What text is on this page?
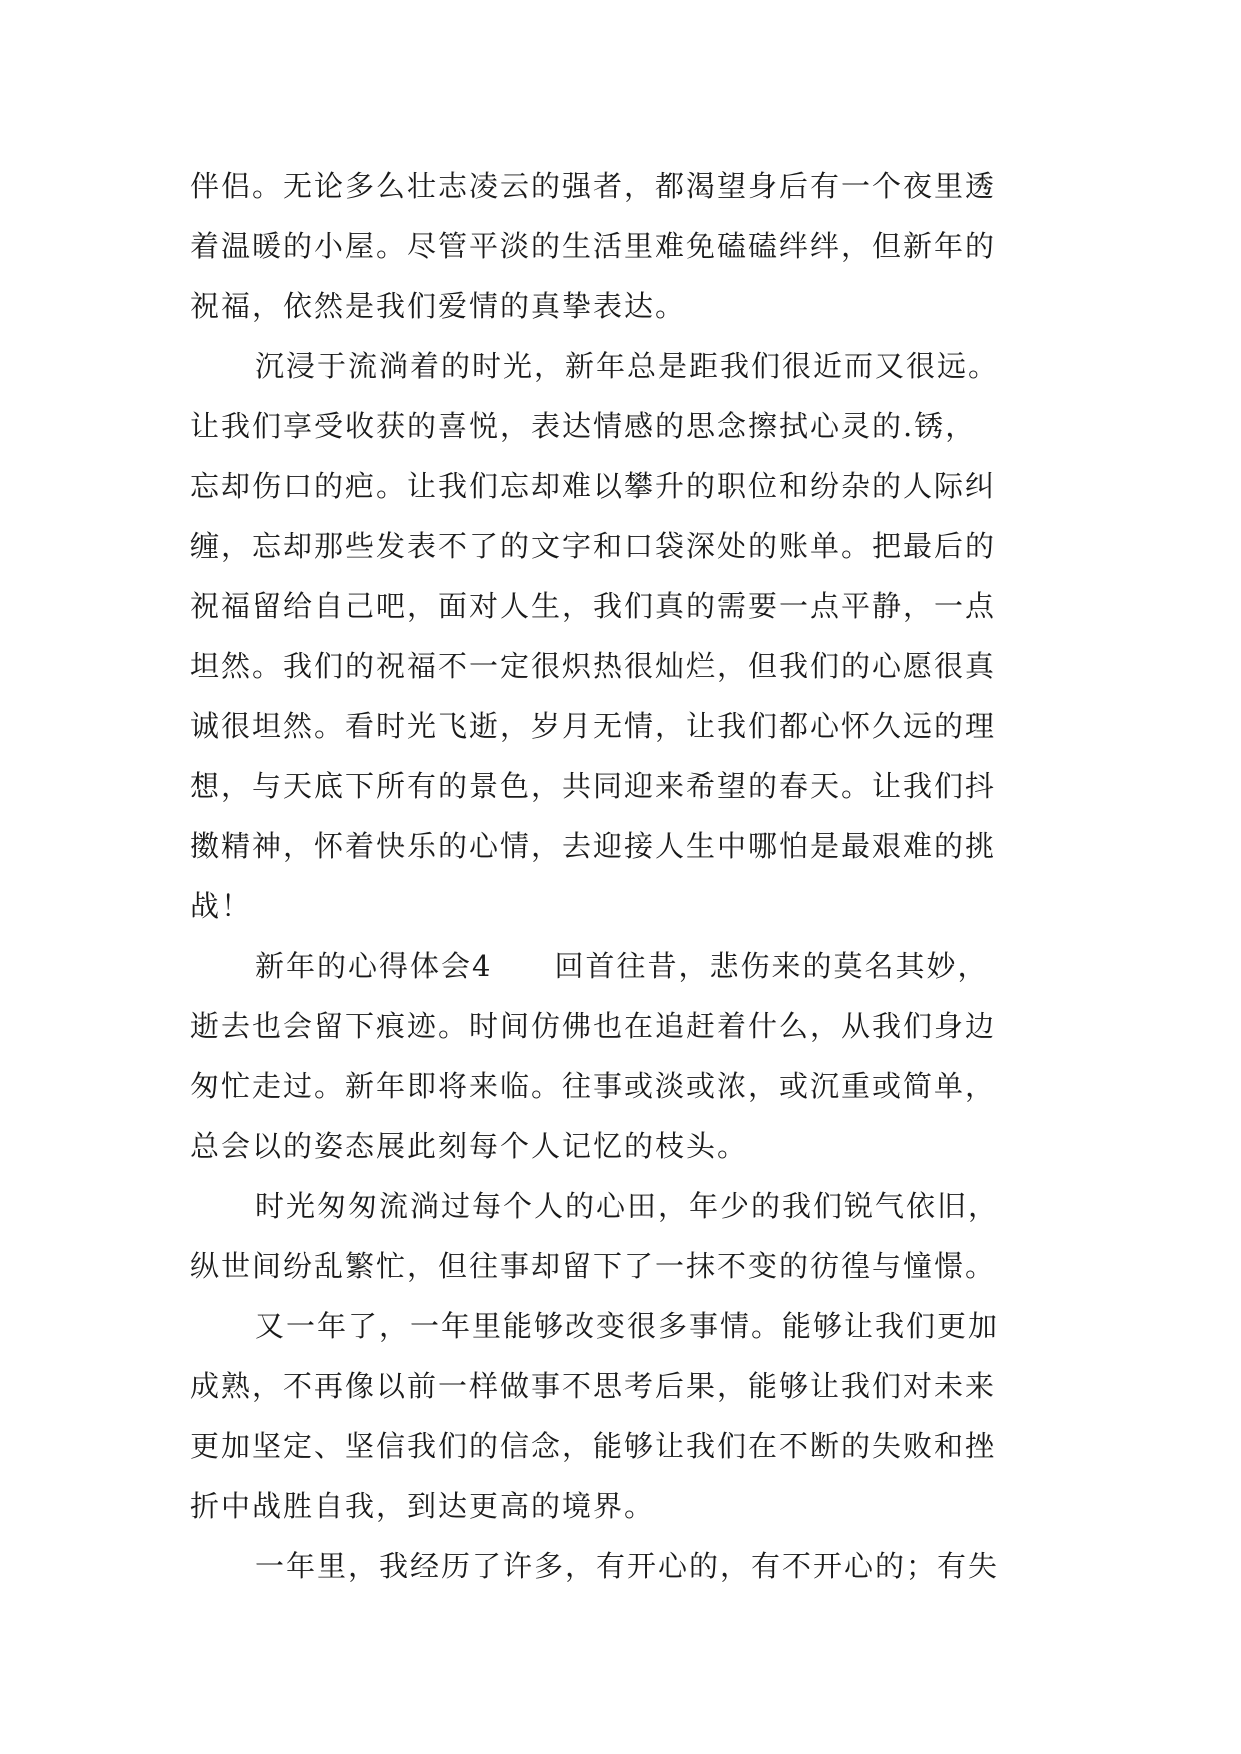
伴侣。无论多么壮志凌云的强者，都渴望身后有一个夜里透
着温暖的小屋。尽管平淡的生活里难免磕磕绊绊，但新年的
祝福，依然是我们爱情的真挚表达。
沉浸于流淌着的时光，新年总是距我们很近而又很远。
让我们享受收获的喜悦，表达情感的思念擦拭心灵的.锈，
忘却伤口的疤。让我们忘却难以攀升的职位和纷杂的人际纠
缠，忘却那些发表不了的文字和口袋深处的账单。把最后的
祝福留给自己吧，面对人生，我们真的需要一点平静，一点
坦然。我们的祝福不一定很炽热很灿烂，但我们的心愿很真
诚很坦然。看时光飞逝，岁月无情，让我们都心怀久远的理
想，与天底下所有的景色，共同迎来希望的春天。让我们抖
擞精神，怀着快乐的心情，去迎接人生中哪怕是最艰难的挑
战！
新年的心得体会4 回首往昔，悲伤来的莫名其妙，
逝去也会留下痕迹。时间仿佛也在追赶着什么，从我们身边
匆忙走过。新年即将来临。往事或淡或浓，或沉重或简单，
总会以的姿态展此刻每个人记忆的枝头。
时光匆匆流淌过每个人的心田，年少的我们锐气依旧，
纵世间纷乱繁忙，但往事却留下了一抹不变的彷徨与憧憬。
又一年了，一年里能够改变很多事情。能够让我们更加
成熟，不再像以前一样做事不思考后果，能够让我们对未来
更加坚定、坚信我们的信念，能够让我们在不断的失败和挫
折中战胜自我，到达更高的境界。
一年里，我经历了许多，有开心的，有不开心的；有失
